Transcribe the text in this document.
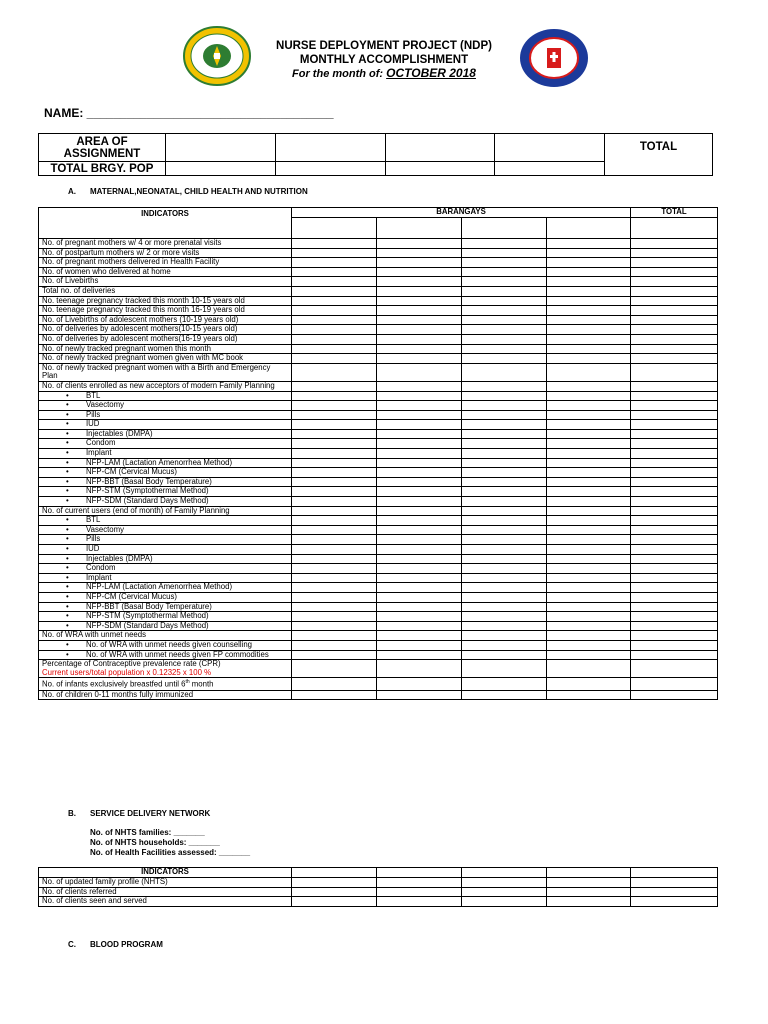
NURSE DEPLOYMENT PROJECT (NDP)
MONTHLY ACCOMPLISHMENT
For the month of: OCTOBER 2018
NAME: _____________________________________
AREA OF ASSIGNMENT					TOTAL
TOTAL BRGY. POP					
A. MATERNAL,NEONATAL, CHILD HEALTH AND NUTRITION
INDICATORS	BARANGAYS				TOTAL

No. of pregnant mothers w/ 4 or more prenatal visits					
No. of postpartum mothers w/ 2 or more visits					
No. of pregnant mothers delivered in Health Facility					
No. of women who delivered at home					
No. of Livebirths					
Total no. of deliveries					
No. teenage pregnancy tracked this month 10-15 years old					
No. teenage pregnancy tracked this month 16-19 years old					
No. of Livebirths of adolescent mothers (10-19 years old)					
No. of deliveries by adolescent mothers(10-15 years old)					
No. of deliveries by adolescent mothers(16-19 years old)					
No. of newly tracked pregnant women this month					
No. of newly tracked pregnant women given with MC book					
No. of newly tracked pregnant women with a Birth and Emergency Plan					
No. of clients enrolled as new acceptors of modern Family Planning					

• BTL					

• Vasectomy					

• Pills					

• IUD					

• Injectables (DMPA)					

• Condom					

• Implant					

• NFP-LAM (Lactation Amenorrhea Method)					

• NFP-CM (Cervical Mucus)					

• NFP-BBT (Basal Body Temperature)					

• NFP-STM (Symptothermal Method)					

• NFP-SDM (Standard Days Method)					
No. of current users (end of month) of Family Planning					

• BTL					

• Vasectomy					

• Pills					

• IUD					

• Injectables (DMPA)					

• Condom					

• Implant					

• NFP-LAM (Lactation Amenorrhea Method)					

• NFP-CM (Cervical Mucus)					

• NFP-BBT (Basal Body Temperature)					

• NFP-STM (Symptothermal Method)					

• NFP-SDM (Standard Days Method)					
No. of WRA with unmet needs					

• No. of WRA with unmet needs given counselling					

• No. of WRA with unmet needs given FP commodities					
Percentage of Contraceptive prevalence rate (CPR)
Current users/total population x 0.12325 x 100 %					
No. of infants exclusively breastfed until 6th month					
No. of children 0-11 months fully immunized					
B. SERVICE DELIVERY NETWORK
No. of NHTS families: _______
No. of NHTS households: _______
No. of Health Facilities assessed: _______
INDICATORS					
No. of updated family profile (NHTS)					
No. of clients referred					
No. of clients seen and served					
C. BLOOD PROGRAM
